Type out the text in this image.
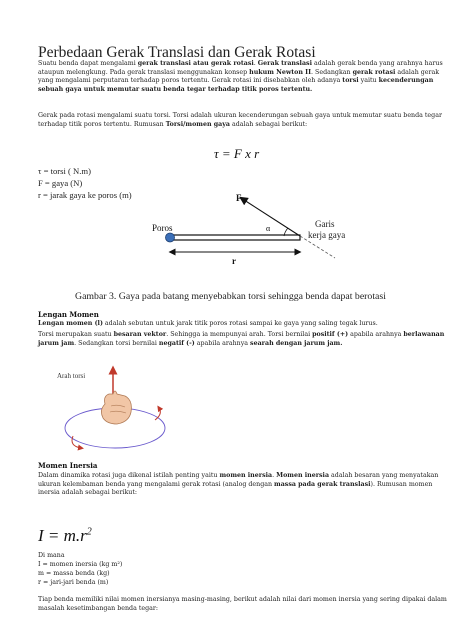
Perbedaan Gerak Translasi dan Gerak Rotasi
Suatu benda dapat mengalami gerak translasi atau gerak rotasi. Gerak translasi adalah gerak benda yang arahnya harus ataupun melengkung. Pada gerak translasi menggunakan konsep hukum Newton II. Sedangkan gerak rotasi adalah gerak yang mengalami perputaran terhadap poros tertentu. Gerak rotasi ini disebabkan oleh adanya torsi yaitu kecenderungan sebuah gaya untuk memutar suatu benda tegar terhadap titik poros tertentu.
Gerak pada rotasi mengalami suatu torsi. Torsi adalah ukuran kecenderungan sebuah gaya untuk memutar suatu benda tegar terhadap titik poros tertentu. Rumusan Torsi/momen gaya adalah sebagai berikut:
τ = F x r
τ = torsi ( N.m)
F = gaya (N)
r = jarak gaya ke poros (m)
Poros
F
α	Garis
kerja gaya
r
Gambar 3. Gaya pada batang menyebabkan torsi sehingga benda dapat berotasi
Lengan Momen
Lengan momen (l) adalah sebutan untuk jarak titik poros rotasi sampai ke gaya yang saling tegak lurus.
Torsi merupakan suatu besaran vektor. Sehingga ia mempunyai arah. Torsi bernilai positif (+) apabila arahnya berlawanan jarum jam. Sedangkan torsi bernilai negatif (-) apabila arahnya searah dengan jarum jam.
Arah torsi
Momen Inersia
Dalam dinamika rotasi juga dikenal istilah penting yaitu momen inersia. Momen inersia adalah besaran yang menyatakan ukuran kelembaman benda yang mengalami gerak rotasi (analog dengan massa pada gerak translasi). Rumusan momen inersia adalah sebagai berikut:
$I = m.r^2$
Di mana
I = momen inersia (kg m²)
m = massa benda (kg)
r = jari-jari benda (m)
Tiap benda memiliki nilai momen inersianya masing-masing, berikut adalah nilai dari momen inersia yang sering dipakai dalam masalah kesetimbangan benda tegar:
